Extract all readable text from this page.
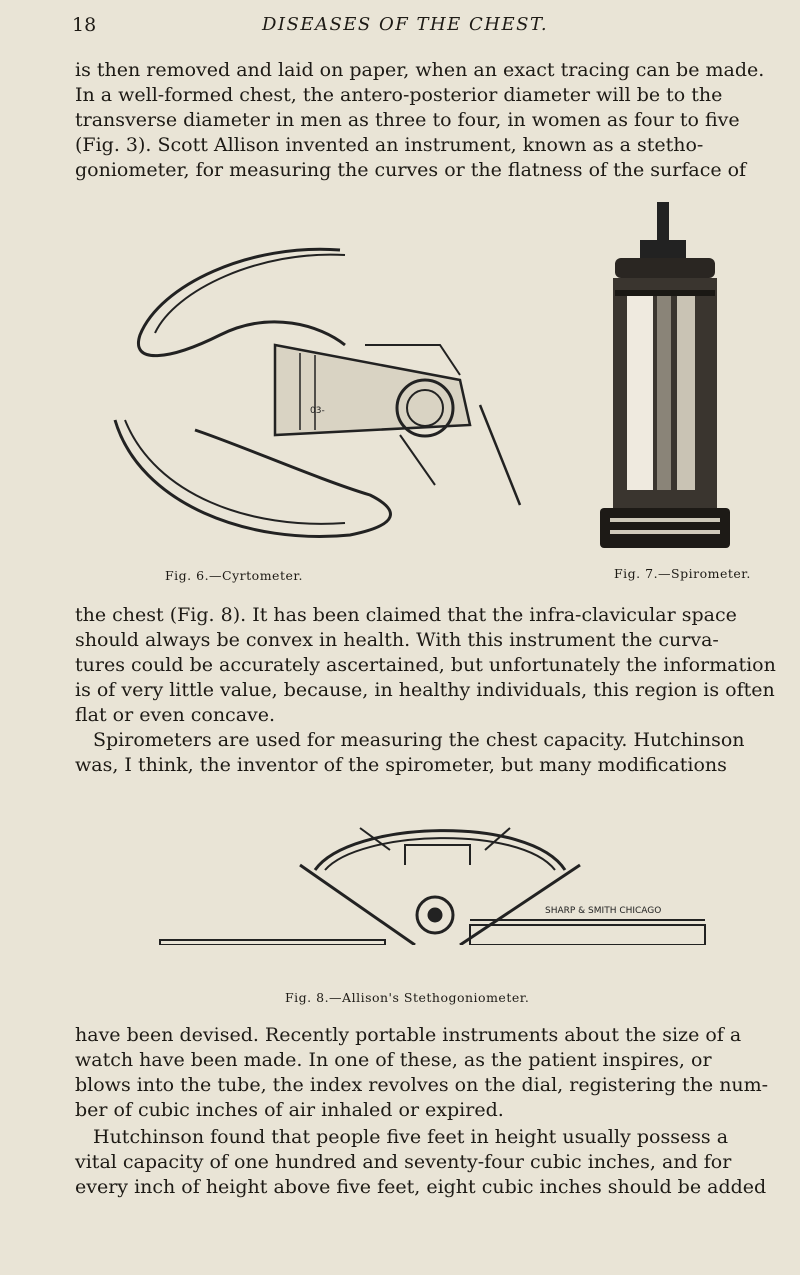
18	DISEASES OF THE CHEST.

is then removed and laid on paper, when an exact tracing can be made.
In a well-formed chest, the antero-posterior diameter will be to the
transverse diameter in men as three to four, in women as four to five
(Fig. 3). Scott Allison invented an instrument, known as a stetho-
goniometer, for measuring the curves or the flatness of the surface of

03-
Fig. 6.—Cyrtometer.	Fig. 7.—Spirometer.

the chest (Fig. 8). It has been claimed that the infra-clavicular space
should always be convex in health. With this instrument the curva-
tures could be accurately ascertained, but unfortunately the information
is of very little value, because, in healthy individuals, this region is often
flat or even concave.

Spirometers are used for measuring the chest capacity. Hutchinson
was, I think, the inventor of the spirometer, but many modifications

SHARP & SMITH CHICAGO
Fig. 8.—Allison's Stethogoniometer.

have been devised. Recently portable instruments about the size of a
watch have been made. In one of these, as the patient inspires, or
blows into the tube, the index revolves on the dial, registering the num-
ber of cubic inches of air inhaled or expired.

Hutchinson found that people five feet in height usually possess a
vital capacity of one hundred and seventy-four cubic inches, and for
every inch of height above five feet, eight cubic inches should be added
